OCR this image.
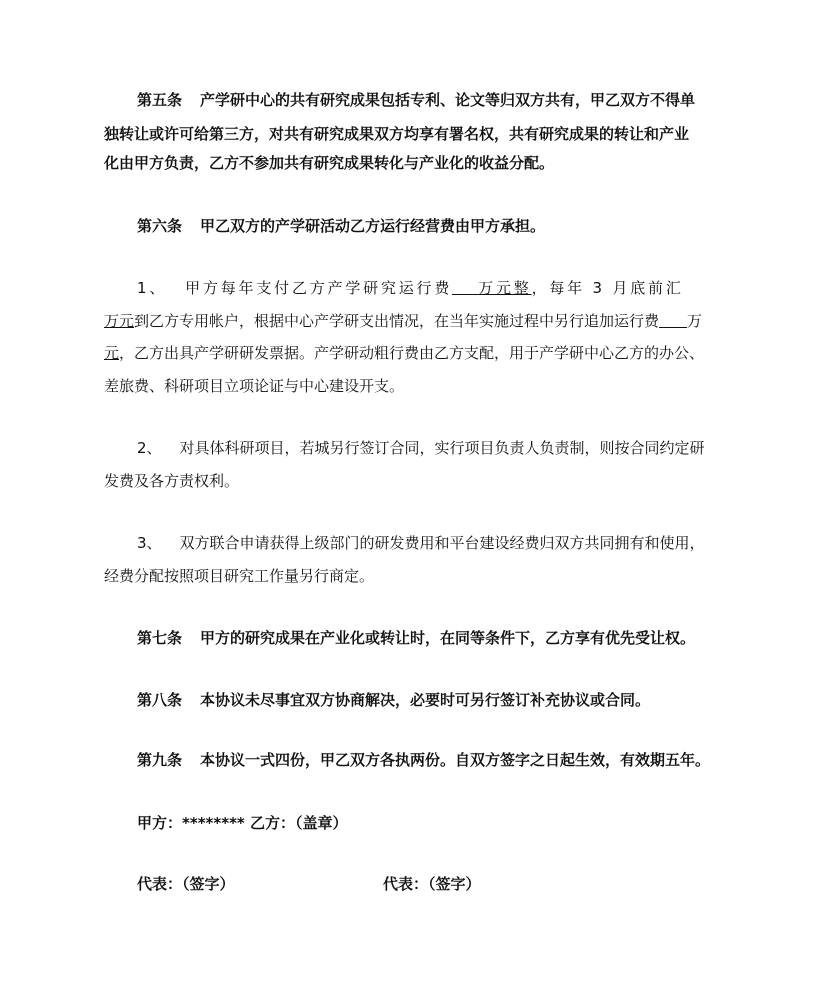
第五条 产学研中心的共有研究成果包括专利、论文等归双方共有，甲乙双方不得单
独转让或许可给第三方，对共有研究成果双方均享有署名权，共有研究成果的转让和产业
化由甲方负责，乙方不参加共有研究成果转化与产业化的收益分配。
第六条 甲乙双方的产学研活动乙方运行经营费由甲方承担。
1、 甲方每年支付乙方产学研究运行费 万元整，每年 3 月底前汇
万元到乙方专用帐户，根据中心产学研支出情况，在当年实施过程中另行追加运行费 万
元，乙方出具产学研研发票据。产学研动粗行费由乙方支配，用于产学研中心乙方的办公、
差旅费、科研项目立项论证与中心建设开支。
2、 对具体科研项目，若城另行签订合同，实行项目负责人负责制，则按合同约定研
发费及各方责权利。
3、 双方联合申请获得上级部门的研发费用和平台建设经费归双方共同拥有和使用，
经费分配按照项目研究工作量另行商定。
第七条 甲方的研究成果在产业化或转让时，在同等条件下，乙方享有优先受让权。
第八条 本协议未尽事宜双方协商解决，必要时可另行签订补充协议或合同。
第九条 本协议一式四份，甲乙双方各执两份。自双方签字之日起生效，有效期五年。
甲方：******** 乙方：（盖章）
代表：（签字）	代表：（签字）
